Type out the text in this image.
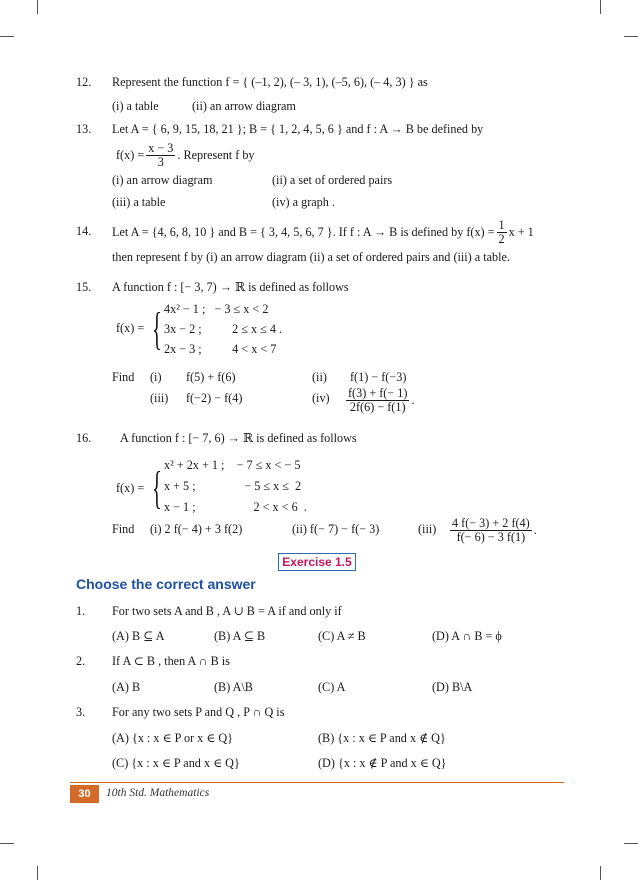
12. Represent the function f = { (–1, 2), (– 3, 1), (–5, 6), (– 4, 3) } as
(i) a table	(ii) an arrow diagram
13. Let A = { 6, 9, 15, 18, 21 }; B = { 1, 2, 4, 5, 6 } and f : A → B be defined by
$f(x) = \frac{x - 3}{3}$ . Represent f by
(i) an arrow diagram	(ii) a set of ordered pairs
(iii) a table	(iv) a graph .
14. Let A = {4, 6, 8, 10 } and B = { 3, 4, 5, 6, 7 }. If f : A → B is defined by $f(x) = \frac{1}{2}$ x + 1
then represent f by (i) an arrow diagram (ii) a set of ordered pairs and (iii) a table.
15. A function f : [− 3, 7) → ℝ is defined as follows
f(x) = { 4x² − 1 ;   − 3 ≤ x < 2
3x − 2 ;          2 ≤ x ≤ 4 .
2x − 3 ;          4 < x < 7
Find (i) f(5) + f(6)	(ii) f(1) − f(−3)
(iii) f(−2) − f(4)	$(iv) \frac{f(3) + f(- 1)}{2f(6) - f(1)}$ .
16. A function f : [− 7, 6) → ℝ is defined as follows
f(x) = { x² + 2x + 1 ;    − 7 ≤ x < − 5
x + 5 ;                − 5 ≤ x ≤  2
x − 1 ;                   2 < x < 6  .
Find (i) 2 f(− 4) + 3 f(2)	(ii) f(− 7) − f(− 3)	$(iii) \frac{4 f(- 3) + 2 f(4)}{f(- 6) - 3 f(1)}$ .
Exercise 1.5
Choose the correct answer
1. For two sets A and B , A ∪ B = A if and only if
(A) B ⊆ A	(B) A ⊆ B	(C) A ≠ B	(D) A ∩ B = ϕ
2. If A ⊂ B , then A ∩ B is
(A) B	(B) A\B	(C) A	(D) B\A
3. For any two sets P and Q , P ∩ Q is
(A) {x : x ∈ P or x ∈ Q}	(B) {x : x ∈ P and x ∉ Q}
(C) {x : x ∈ P and x ∈ Q}	(D) {x : x ∉ P and x ∈ Q}
30	10th Std. Mathematics
